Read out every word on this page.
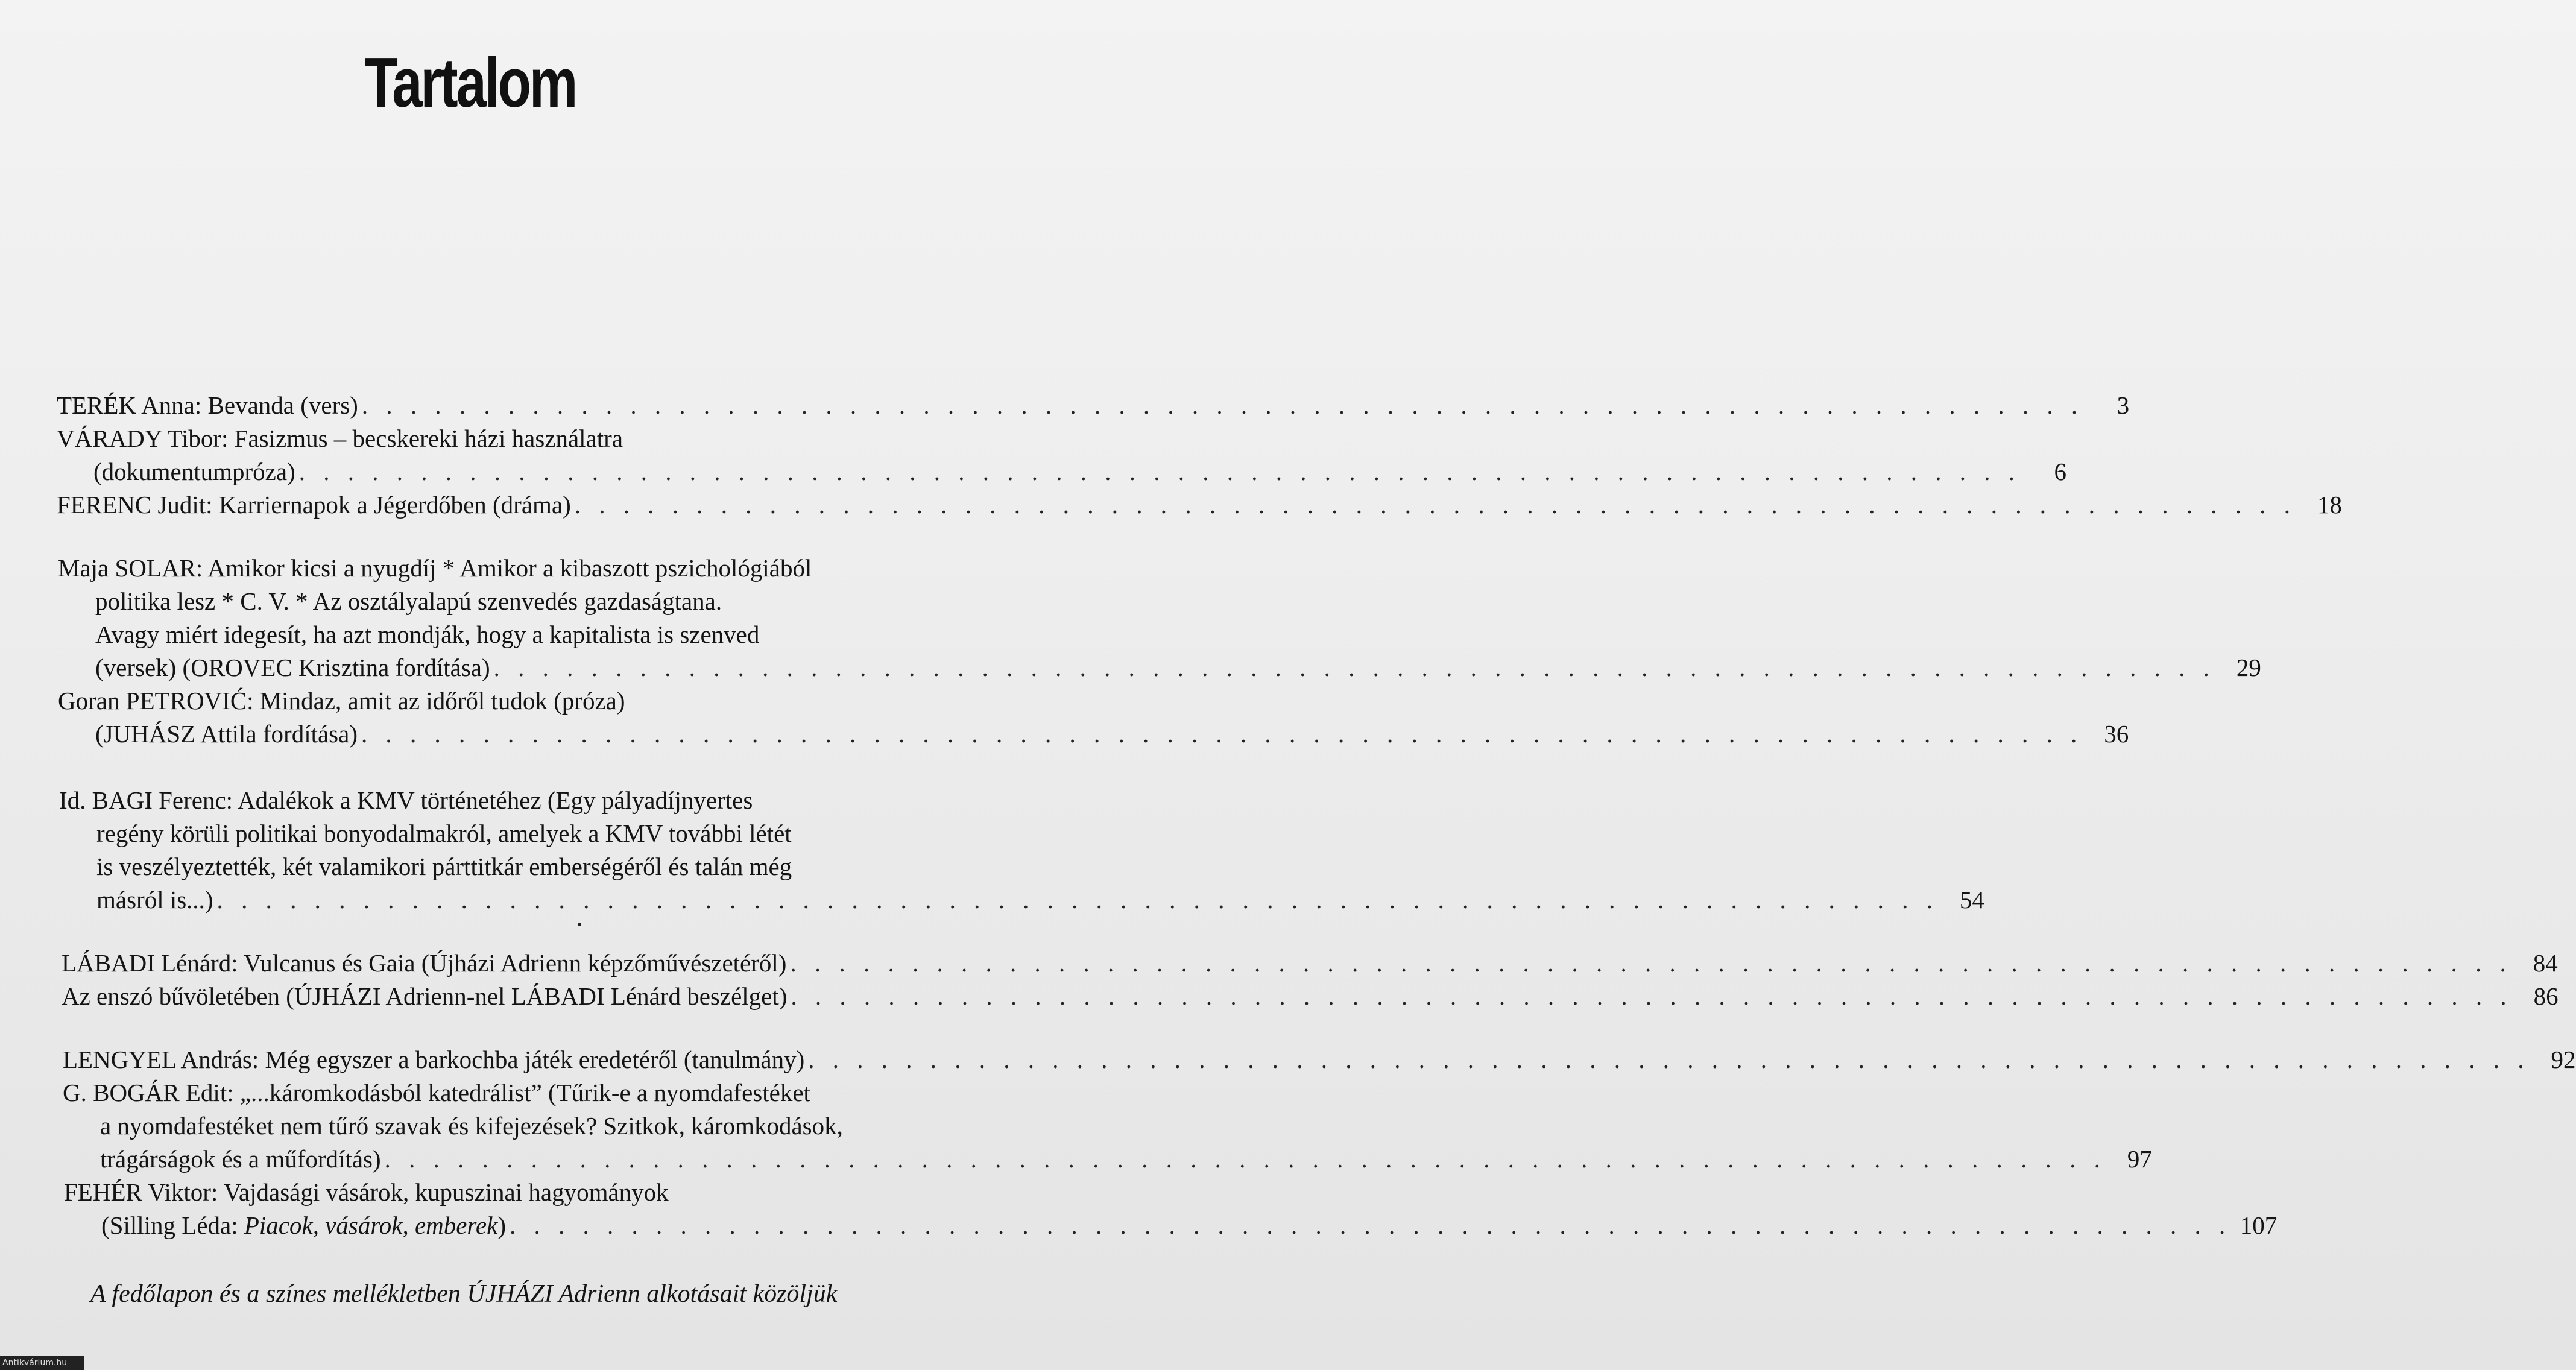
Tartalom
TERÉK Anna: Bevanda (vers) . . . . . . . . . . . . . . . . . . . . . . . . . . . . . . . . . . . . . . . . . . . . . . . . . . . . . . . . . . . . . . . . . . . . . . .	3
VÁRADY Tibor: Fasizmus – becskereki házi használatra
(dokumentumpróza) . . . . . . . . . . . . . . . . . . . . . . . . . . . . . . . . . . . . . . . . . . . . . . . . . . . . . . . . . . . . . . . . . . . . . . .	6
FERENC Judit: Karriernapok a Jégerdőben (dráma) . . . . . . . . . . . . . . . . . . . . . . . . . . . . . . . . . . . . . . . . . . . . . . . . . . . . . . . . . . . . . . . . . . . . . . . 18
Maja SOLAR: Amikor kicsi a nyugdíj * Amikor a kibaszott pszichológiából
politika lesz * C. V. * Az osztályalapú szenvedés gazdaságtana.
Avagy miért idegesít, ha azt mondják, hogy a kapitalista is szenved
(versek) (OROVEC Krisztina fordítása) . . . . . . . . . . . . . . . . . . . . . . . . . . . . . . . . . . . . . . . . . . . . . . . . . . . . . . . . . . . . . . . . . . . . . . . 29
Goran PETROVIĆ: Mindaz, amit az időről tudok (próza)
(JUHÁSZ Attila fordítása) . . . . . . . . . . . . . . . . . . . . . . . . . . . . . . . . . . . . . . . . . . . . . . . . . . . . . . . . . . . . . . . . . . . . . . . 36
Id. BAGI Ferenc: Adalékok a KMV történetéhez (Egy pályadíjnyertes
regény körüli politikai bonyodalmakról, amelyek a KMV további létét
is veszélyeztették, két valamikori párttitkár emberségéről és talán még
másról is...) . . . . . . . . . . . . . . . . . . . . . . . . . . . . . . . . . . . . . . . . . . . . . . . . . . . . . . . . . . . . . . . . . . . . . . . 54
LÁBADI Lénárd: Vulcanus és Gaia (Újházi Adrienn képzőművészetéről) . . . . . . . . . . . . . . . . . . . . . . . . . . . . . . . . . . . . . . . . . . . . . . . . . . . . . . . . . . . . . . . . . . . . . . . 84
Az enszó bűvöletében (ÚJHÁZI Adrienn-nel LÁBADI Lénárd beszélget) . . . . . . . . . . . . . . . . . . . . . . . . . . . . . . . . . . . . . . . . . . . . . . . . . . . . . . . . . . . . . . . . . . . . . . . 86
LENGYEL András: Még egyszer a barkochba játék eredetéről (tanulmány) . . . . . . . . . . . . . . . . . . . . . . . . . . . . . . . . . . . . . . . . . . . . . . . . . . . . . . . . . . . . . . . . . . . . . . . 92
G. BOGÁR Edit: „...káromkodásból katedrálist” (Tűrik-e a nyomdafestéket
a nyomdafestéket nem tűrő szavak és kifejezések? Szitkok, káromkodások,
trágárságok és a műfordítás) . . . . . . . . . . . . . . . . . . . . . . . . . . . . . . . . . . . . . . . . . . . . . . . . . . . . . . . . . . . . . . . . . . . . . . . 97
FEHÉR Viktor: Vajdasági vásárok, kupuszinai hagyományok
(Silling Léda: Piacok, vásárok, emberek) . . . . . . . . . . . . . . . . . . . . . . . . . . . . . . . . . . . . . . . . . . . . . . . . . . . . . . . . . . . . . . . . . . . . . . . 107
A fedőlapon és a színes mellékletben ÚJHÁZI Adrienn alkotásait közöljük
Antikvárium.hu
